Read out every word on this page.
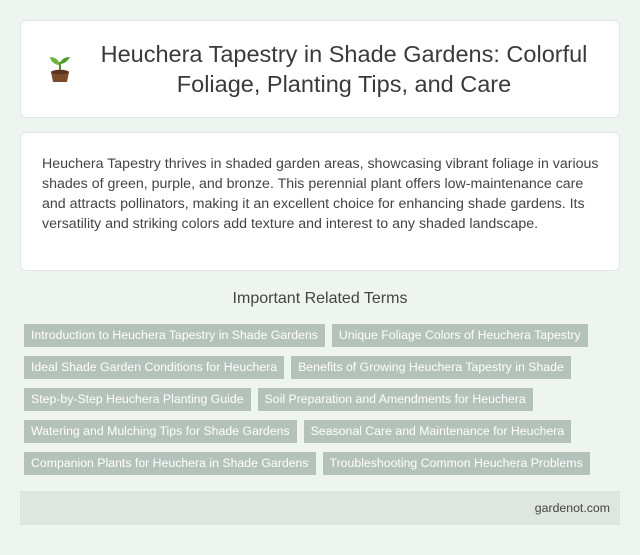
Heuchera Tapestry in Shade Gardens: Colorful Foliage, Planting Tips, and Care

Heuchera Tapestry thrives in shaded garden areas, showcasing vibrant foliage in various shades of green, purple, and bronze. This perennial plant offers low-maintenance care and attracts pollinators, making it an excellent choice for enhancing shade gardens. Its versatility and striking colors add texture and interest to any shaded landscape.

Important Related Terms
Introduction to Heuchera Tapestry in Shade Gardens	Unique Foliage Colors of Heuchera Tapestry
Ideal Shade Garden Conditions for Heuchera	Benefits of Growing Heuchera Tapestry in Shade
Step-by-Step Heuchera Planting Guide	Soil Preparation and Amendments for Heuchera
Watering and Mulching Tips for Shade Gardens	Seasonal Care and Maintenance for Heuchera
Companion Plants for Heuchera in Shade Gardens	Troubleshooting Common Heuchera Problems
gardenot.com
